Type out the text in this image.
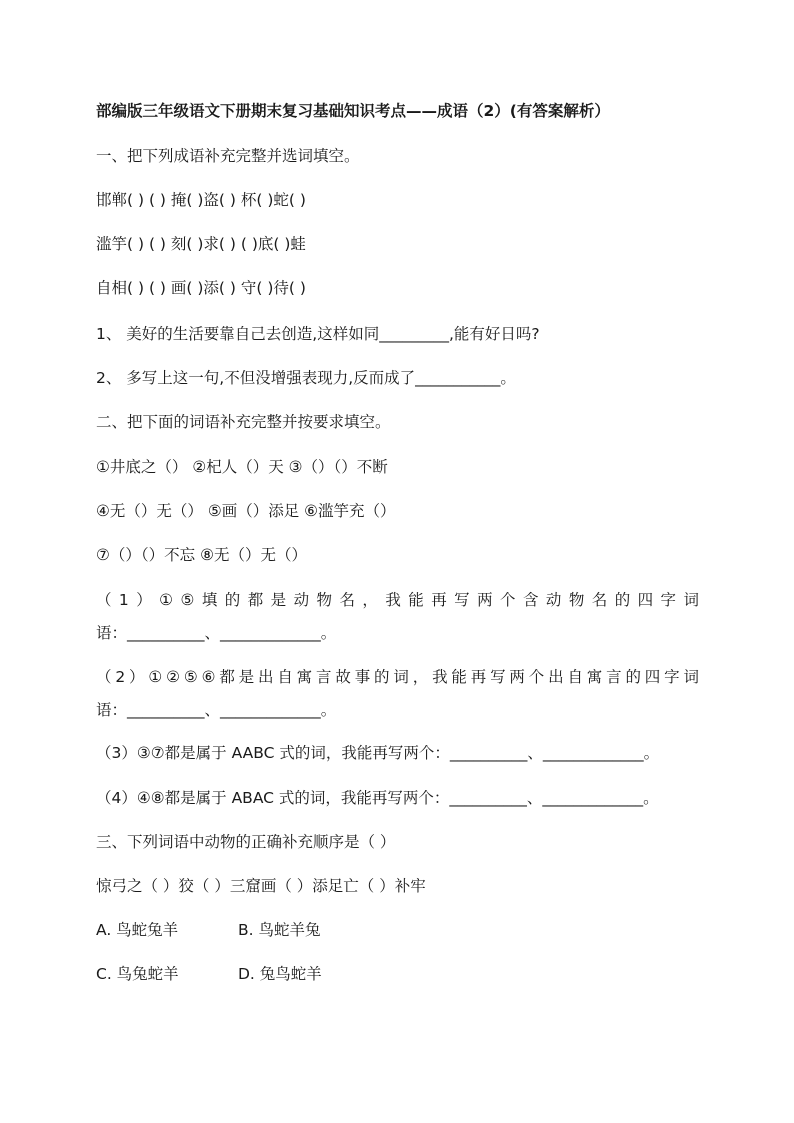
部编版三年级语文下册期末复习基础知识考点——成语（2）(有答案解析）
一、把下列成语补充完整并选词填空。
邯郸( ) ( ) 掩( )盗( ) 杯( )蛇( )
滥竽( ) ( ) 刻( )求( ) ( )底( )蛙
自相( ) ( ) 画( )添( ) 守( )待( )
1、 美好的生活要靠自己去创造,这样如同_________,能有好日吗?
2、 多写上这一句,不但没增强表现力,反而成了___________。
二、把下面的词语补充完整并按要求填空。
①井底之（） ②杞人（）天 ③（）（）不断
④无（）无（） ⑤画（）添足 ⑥滥竽充（）
⑦（）（）不忘 ⑧无（）无（）
（1）①⑤填的都是动物名，我能再写两个含动物名的四字词
语：__________、_____________。
（2）①②⑤⑥都是出自寓言故事的词，我能再写两个出自寓言的四字词
语：__________、_____________。
（3）③⑦都是属于 AABC 式的词，我能再写两个：__________、_____________。
（4）④⑧都是属于 ABAC 式的词，我能再写两个：__________、_____________。
三、下列词语中动物的正确补充顺序是（ ）
惊弓之（ ）狡（ ）三窟画（ ）添足亡（ ）补牢
A. 鸟蛇兔羊	B. 鸟蛇羊兔
C. 鸟兔蛇羊	D. 兔鸟蛇羊
